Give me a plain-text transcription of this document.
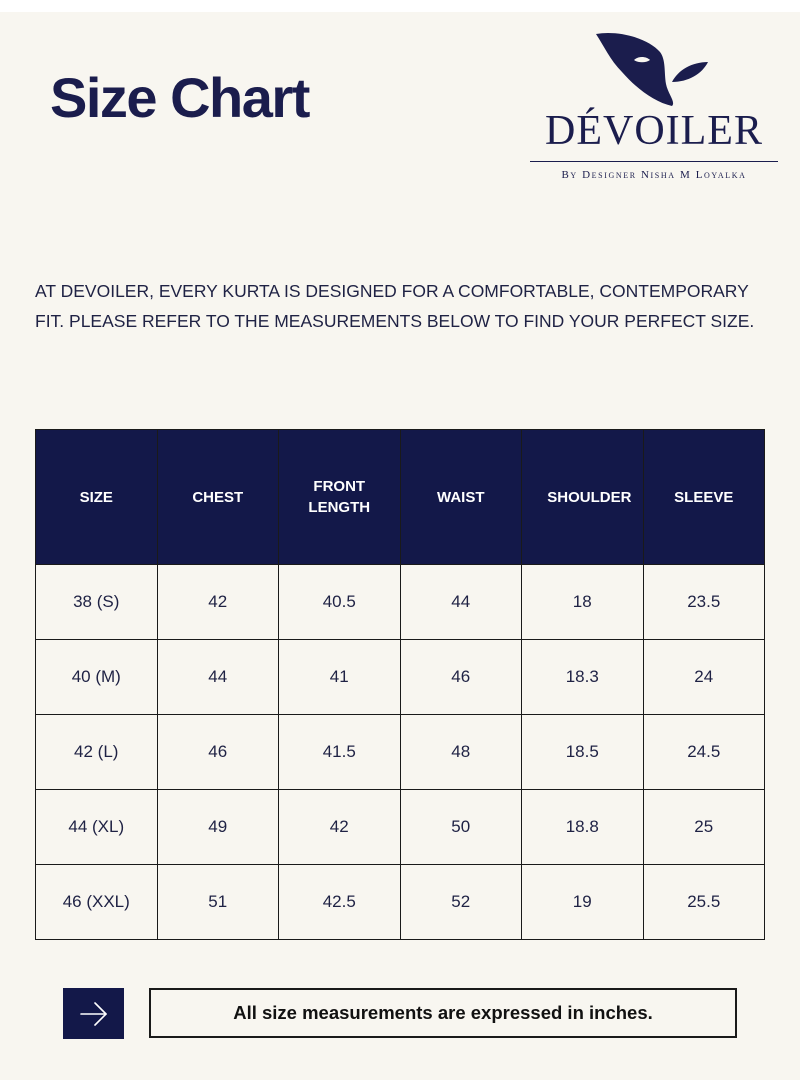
Size Chart
DÉVOILER
By Designer Nisha M Loyalka

AT DEVOILER, EVERY KURTA IS DESIGNED FOR A COMFORTABLE, CONTEMPORARY FIT. PLEASE REFER TO THE MEASUREMENTS BELOW TO FIND YOUR PERFECT SIZE.

SIZE	CHEST	FRONT LENGTH	WAIST	SHOULDER	SLEEVE
38 (S)	42	40.5	44	18	23.5
40 (M)	44	41	46	18.3	24
42 (L)	46	41.5	48	18.5	24.5
44 (XL)	49	42	50	18.8	25
46 (XXL)	51	42.5	52	19	25.5
All size measurements are expressed in inches.
